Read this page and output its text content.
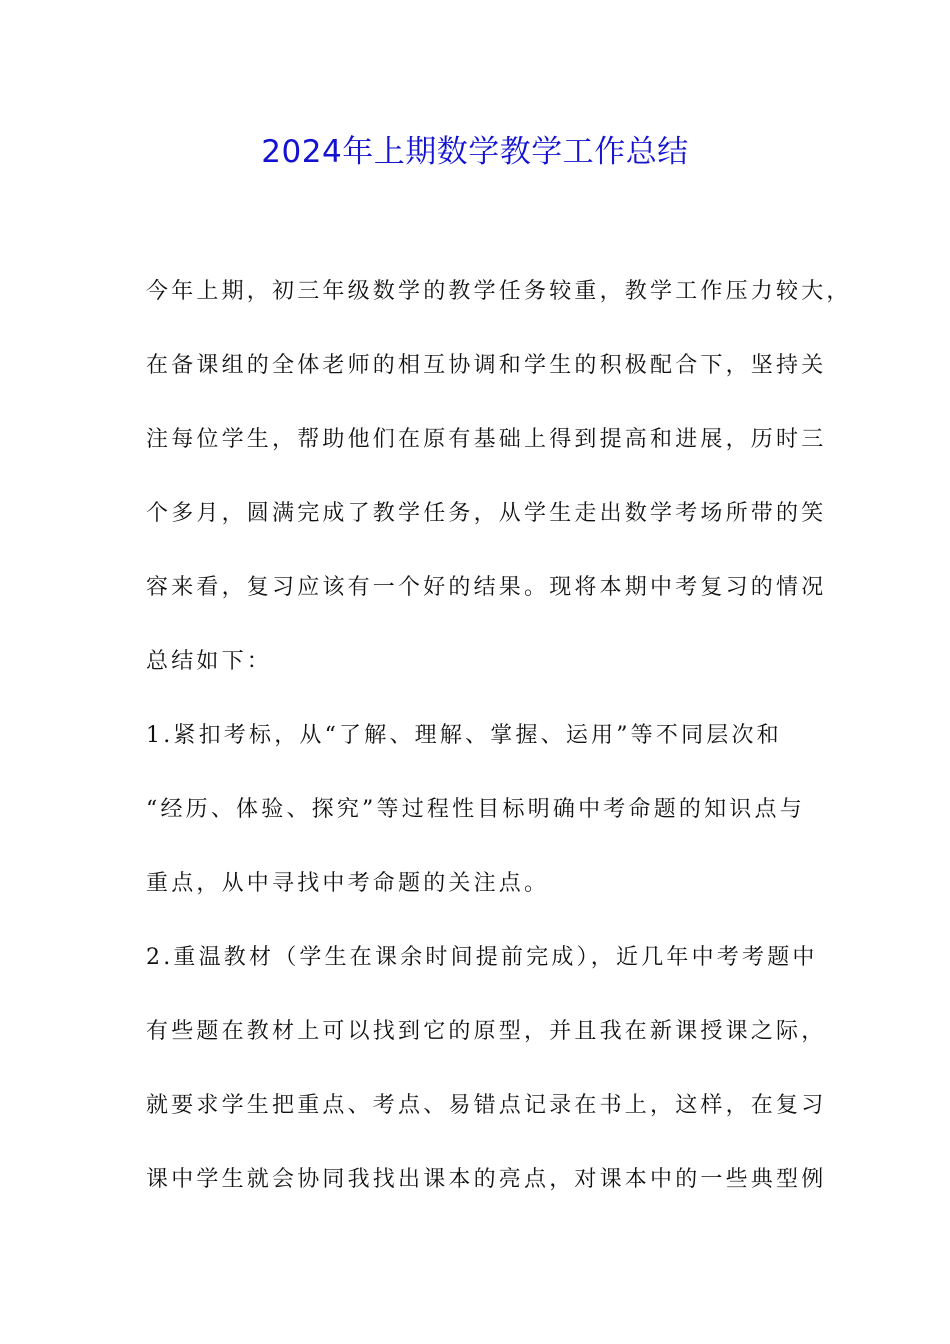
2024年上期数学教学工作总结
今年上期，初三年级数学的教学任务较重，教学工作压力较大，
在备课组的全体老师的相互协调和学生的积极配合下，坚持关
注每位学生，帮助他们在原有基础上得到提高和进展，历时三
个多月，圆满完成了教学任务，从学生走出数学考场所带的笑
容来看，复习应该有一个好的结果。现将本期中考复习的情况
总结如下：
1.紧扣考标，从“了解、理解、掌握、运用”等不同层次和
“经历、体验、探究”等过程性目标明确中考命题的知识点与
重点，从中寻找中考命题的关注点。
2.重温教材（学生在课余时间提前完成），近几年中考考题中
有些题在教材上可以找到它的原型，并且我在新课授课之际，
就要求学生把重点、考点、易错点记录在书上，这样，在复习
课中学生就会协同我找出课本的亮点，对课本中的一些典型例
